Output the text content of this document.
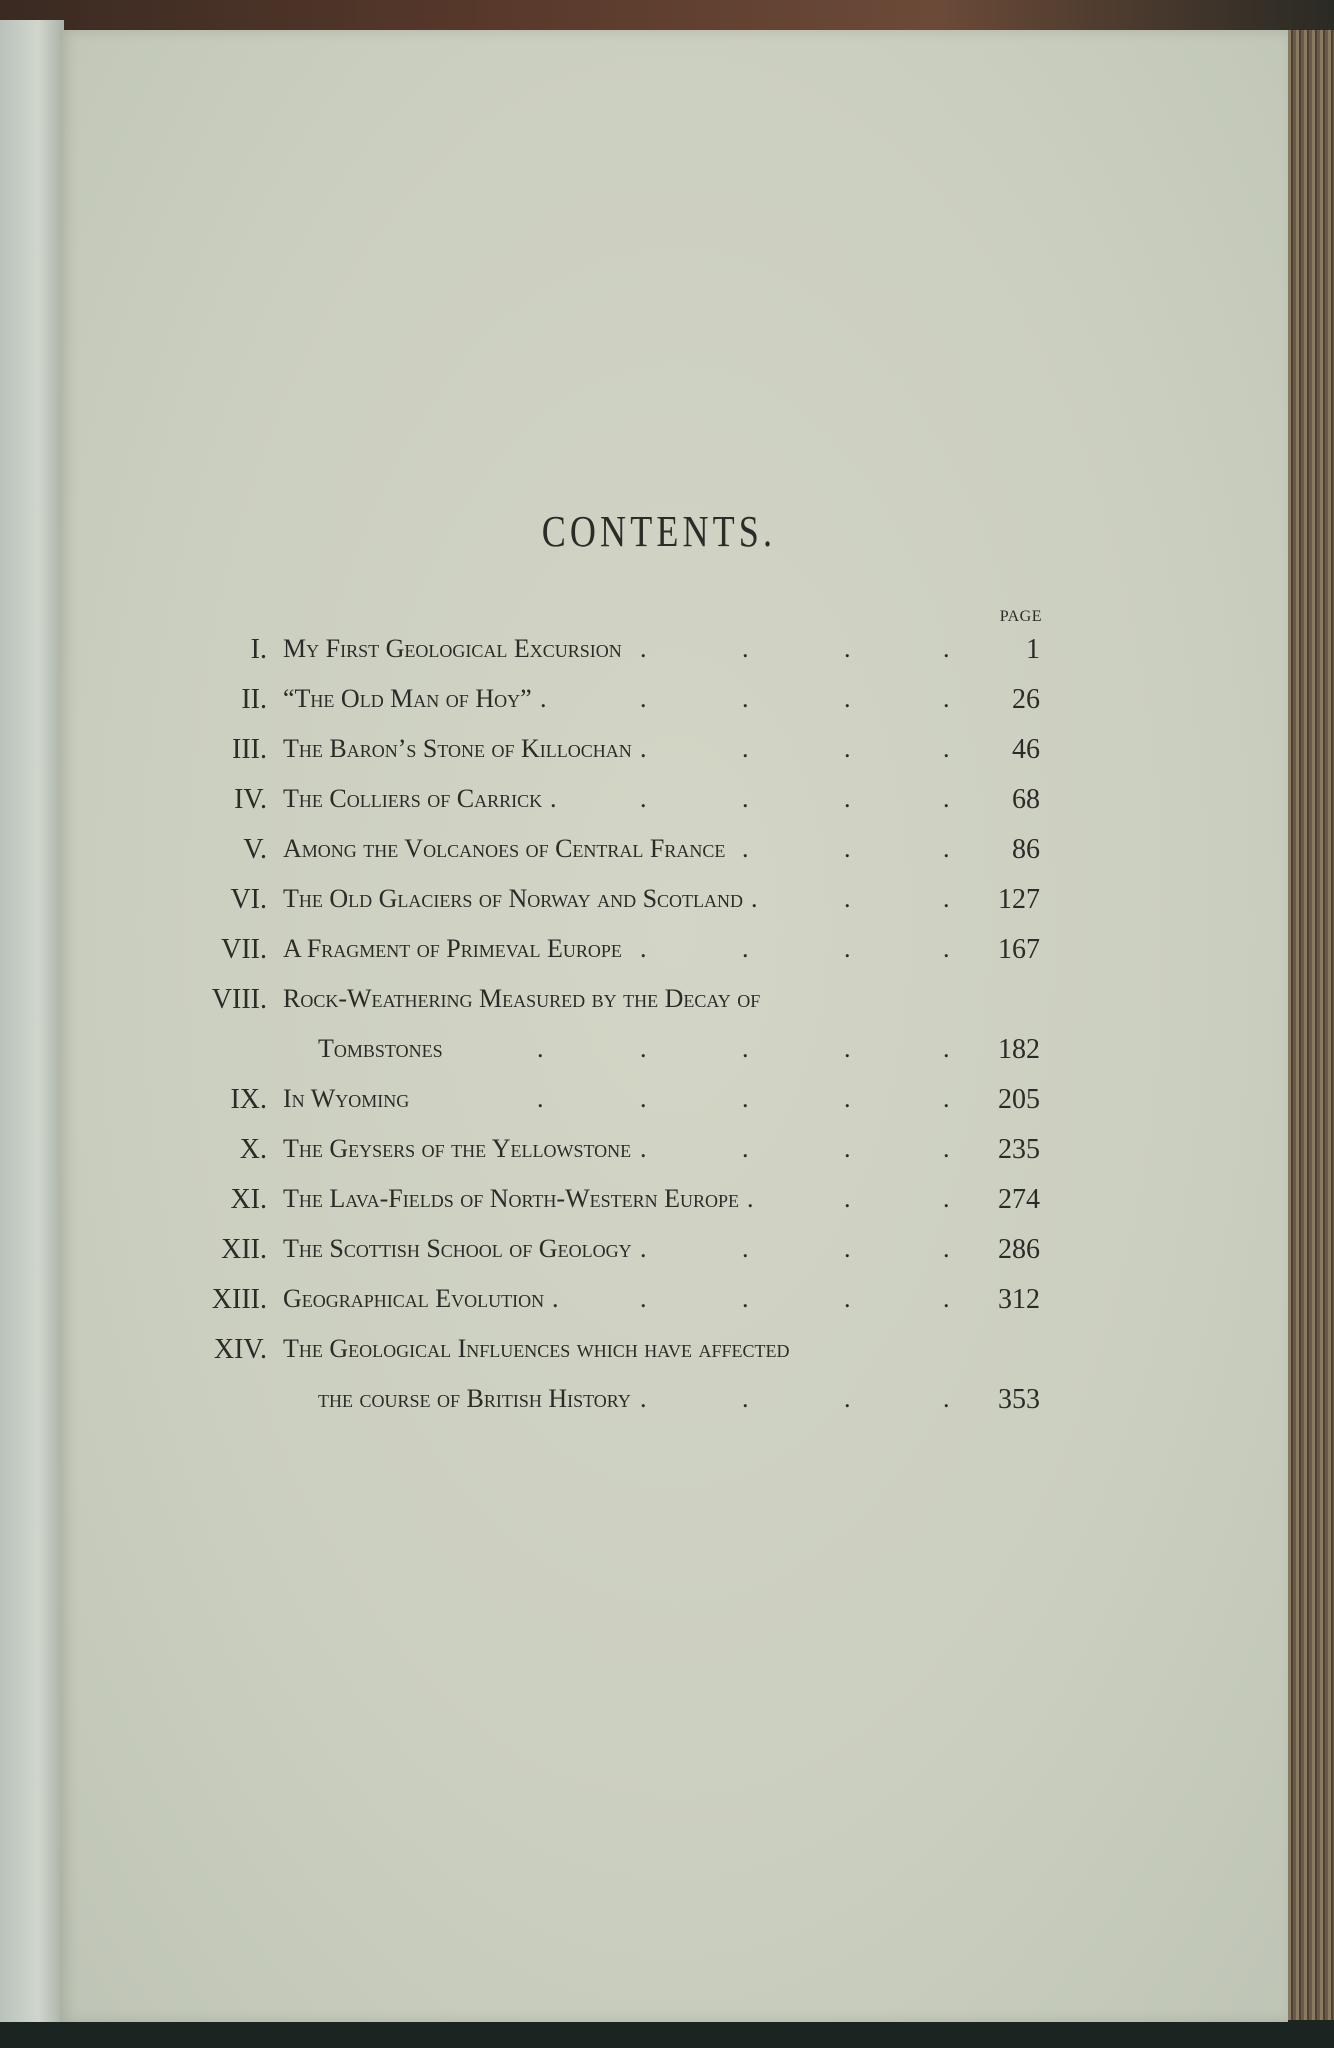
CONTENTS.
PAGE
I. My First Geological Excursion	1
.	.	.	.
II. “The Old Man of Hoy”	26
.	.	.	.	.
III. The Baron’s Stone of Killochan	46
.	.	.	.
IV. The Colliers of Carrick	68
.	.	.	.	.
V. Among the Volcanoes of Central France	86
.	.	.
VI. The Old Glaciers of Norway and Scotland	127
.	.	.
VII. A Fragment of Primeval Europe	167
.	.	.	.
VIII. Rock-Weathering Measured by the Decay of
Tombstones	182
.	.	.	.	.
IX. In Wyoming	205
.	.	.	.	.
X. The Geysers of the Yellowstone	235
.	.	.	.
XI. The Lava-Fields of North-Western Europe	274
.	.	.
XII. The Scottish School of Geology	286
.	.	.	.
XIII. Geographical Evolution	312
.	.	.	.	.
XIV. The Geological Influences which have affected
the course of British History	353
.	.	.	.
